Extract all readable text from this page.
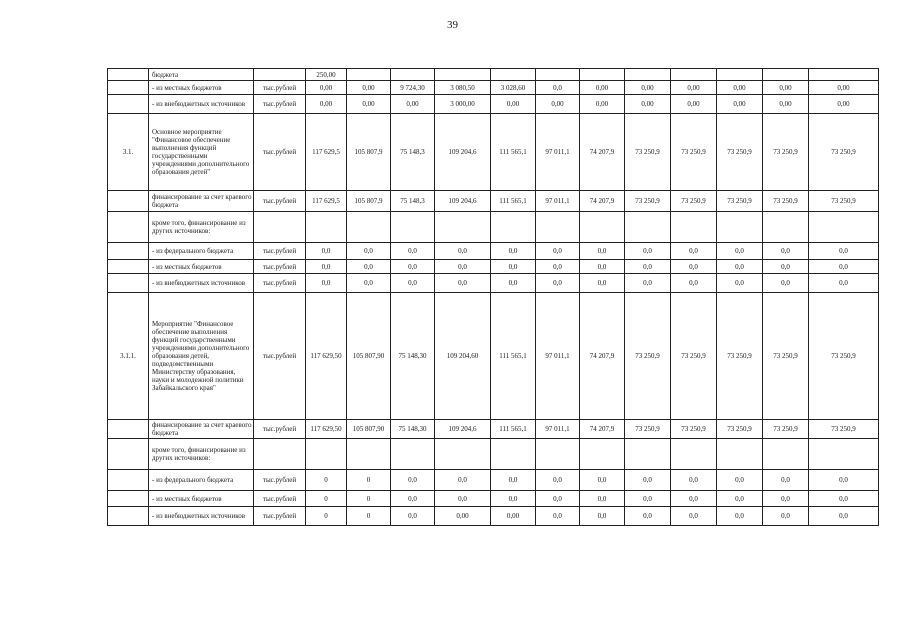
39
	бюджета		250,00											
	- из местных бюджетов	тыс.рублей	0,00	0,00	9 724,30	3 080,50	3 028,60	0,0	0,00	0,00	0,00	0,00	0,00	0,00
	- из внебюджетных источников	тыс.рублей	0,00	0,00	0,00	3 000,00	0,00	0,00	0,00	0,00	0,00	0,00	0,00	0,00
3.1.	Основное мероприятие "Финансовое обеспечение выполнения функций государственными учреждениями дополнительного образования детей"	тыс.рублей	117 629,5	105 807,9	75 148,3	109 204,6	111 565,1	97 011,1	74 207,9	73 250,9	73 250,9	73 250,9	73 250,9	73 250,9
	финансирование за счет краевого бюджета	тыс.рублей	117 629,5	105 807,9	75 148,3	109 204,6	111 565,1	97 011,1	74 207,9	73 250,9	73 250,9	73 250,9	73 250,9	73 250,9
	кроме того, финансирование из других источников:													
	- из федерального бюджета	тыс.рублей	0,0	0,0	0,0	0,0	0,0	0,0	0,0	0,0	0,0	0,0	0,0	0,0
	- из местных бюджетов	тыс.рублей	0,0	0,0	0,0	0,0	0,0	0,0	0,0	0,0	0,0	0,0	0,0	0,0
	- из внебюджетных источников	тыс.рублей	0,0	0,0	0,0	0,0	0,0	0,0	0,0	0,0	0,0	0,0	0,0	0,0
3.1.1.	Мероприятие "Финансовое обеспечение выполнения функций государственными учреждениями дополнительного образования детей, подведомственными Министерству образования, науки и молодежной политики Забайкальского края"	тыс.рублей	117 629,50	105 807,90	75 148,30	109 204,60	111 565,1	97 011,1	74 207,9	73 250,9	73 250,9	73 250,9	73 250,9	73 250,9
	финансирование за счет краевого бюджета	тыс.рублей	117 629,50	105 807,90	75 148,30	109 204,6	111 565,1	97 011,1	74 207,9	73 250,9	73 250,9	73 250,9	73 250,9	73 250,9
	кроме того, финансирование из других источников:													
	- из федерального бюджета	тыс.рублей	0	0	0,0	0,0	0,0	0,0	0,0	0,0	0,0	0,0	0,0	0,0
	- из местных бюджетов	тыс.рублей	0	0	0,0	0,0	0,0	0,0	0,0	0,0	0,0	0,0	0,0	0,0
	- из внебюджетных источников	тыс.рублей	0	0	0,0	0,00	0,00	0,0	0,0	0,0	0,0	0,0	0,0	0,0
